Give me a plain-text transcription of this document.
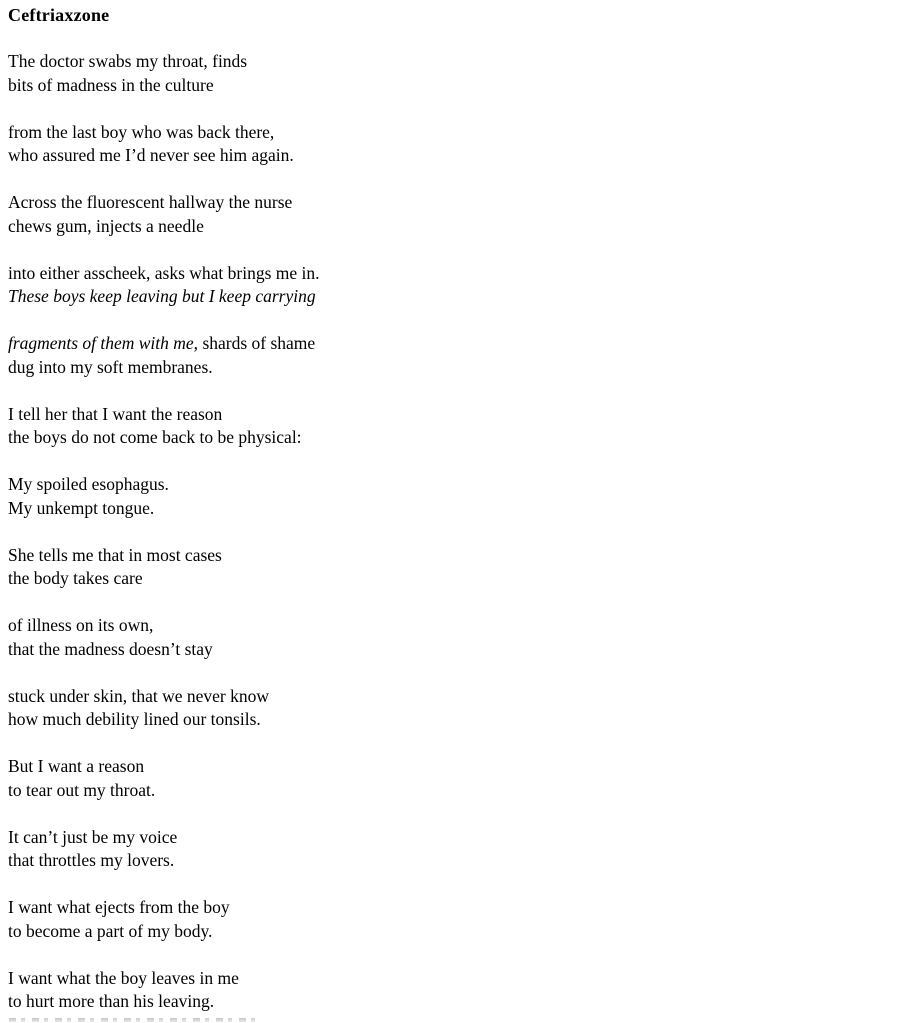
Ceftriaxzone

The doctor swabs my throat, finds
bits of madness in the culture

from the last boy who was back there,
who assured me I’d never see him again.

Across the fluorescent hallway the nurse
chews gum, injects a needle

into either asscheek, asks what brings me in.
These boys keep leaving but I keep carrying

fragments of them with me, shards of shame
dug into my soft membranes.

I tell her that I want the reason
the boys do not come back to be physical:

My spoiled esophagus.
My unkempt tongue.

She tells me that in most cases
the body takes care

of illness on its own,
that the madness doesn’t stay

stuck under skin, that we never know
how much debility lined our tonsils.

But I want a reason
to tear out my throat.

It can’t just be my voice
that throttles my lovers.

I want what ejects from the boy
to become a part of my body.

I want what the boy leaves in me
to hurt more than his leaving.
